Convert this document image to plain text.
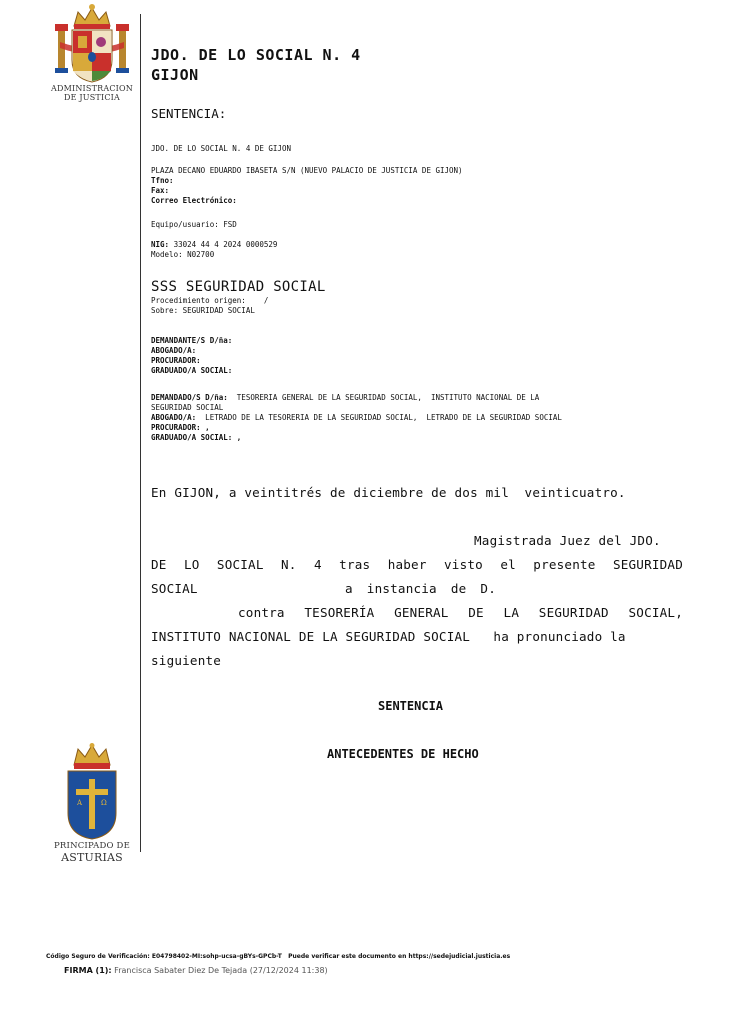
ADMINISTRACION
DE JUSTICIA
A	Ω
PRINCIPADO DE
ASTURIAS
JDO. DE LO SOCIAL N. 4
GIJON
SENTENCIA:
JDO. DE LO SOCIAL N. 4 DE GIJON
PLAZA DECANO EDUARDO IBASETA S/N (NUEVO PALACIO DE JUSTICIA DE GIJON)
Tfno:
Fax:
Correo Electrónico:
Equipo/usuario: FSD
NIG: 33024 44 4 2024 0000529
Modelo: N02700
SSS SEGURIDAD SOCIAL
Procedimiento origen:    /
Sobre: SEGURIDAD SOCIAL
DEMANDANTE/S D/ña:
ABOGADO/A:
PROCURADOR:
GRADUADO/A SOCIAL:
DEMANDADO/S D/ña:  TESORERIA GENERAL DE LA SEGURIDAD SOCIAL,  INSTITUTO NACIONAL DE LA
SEGURIDAD SOCIAL
ABOGADO/A:  LETRADO DE LA TESORERIA DE LA SEGURIDAD SOCIAL,  LETRADO DE LA SEGURIDAD SOCIAL
PROCURADOR: ,
GRADUADO/A SOCIAL: ,
En GIJON, a veintitrés de diciembre de dos mil  veinticuatro.
Magistrada Juez del JDO.
DE LO SOCIAL N. 4 tras haber visto el presente SEGURIDAD
SOCIAL	a instancia de D.
contra TESORERÍA GENERAL DE LA SEGURIDAD SOCIAL,
INSTITUTO NACIONAL DE LA SEGURIDAD SOCIAL   ha pronunciado la
siguiente
SENTENCIA
ANTECEDENTES DE HECHO
Código Seguro de Verificación: E04798402-MI:sohp-ucsa-gBYs-GPCb-T   Puede verificar este documento en https://sedejudicial.justicia.es
FIRMA (1): Francisca Sabater Diez De Tejada (27/12/2024 11:38)
